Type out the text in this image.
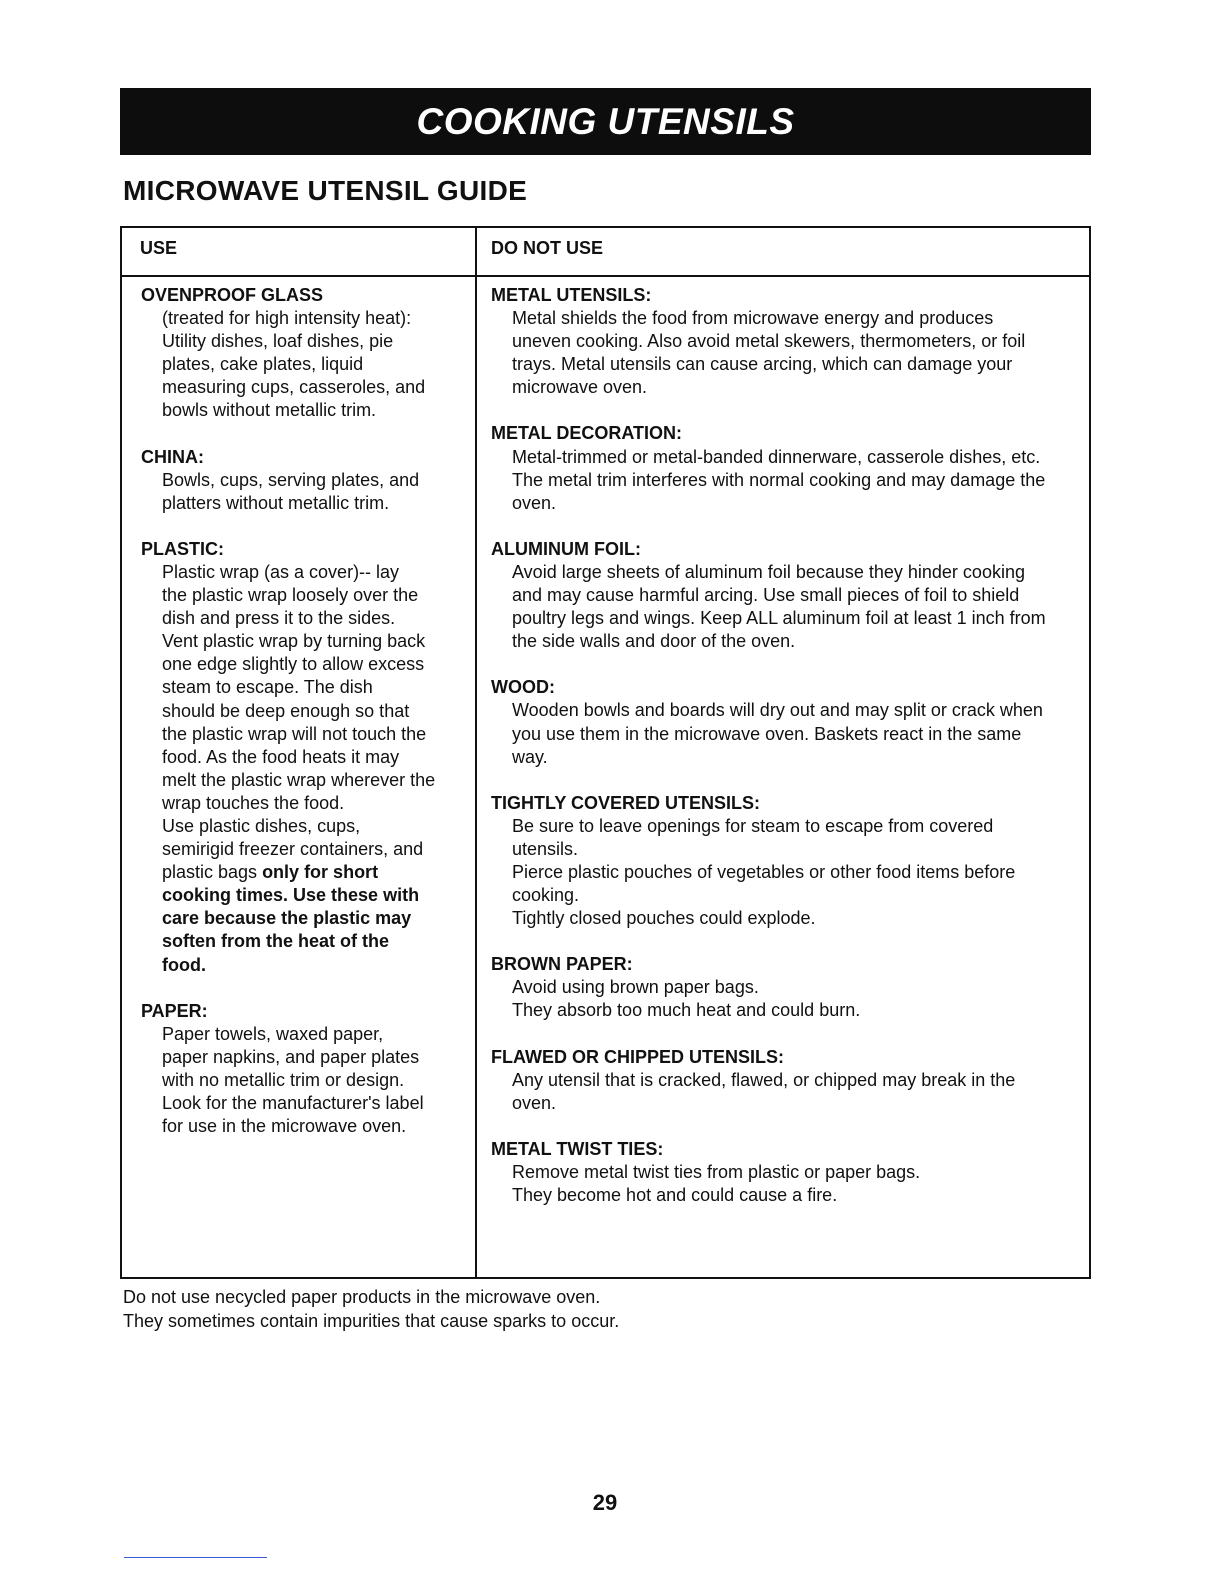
COOKING UTENSILS
MICROWAVE UTENSIL GUIDE
USE	DO NOT USE
OVENPROOF GLASS

(treated for high intensity heat):

Utility dishes, loaf dishes, pie

plates, cake plates, liquid

measuring cups, casseroles, and

bowls without metallic trim.

CHINA:

Bowls, cups, serving plates, and

platters without metallic trim.

PLASTIC:

Plastic wrap (as a cover)-- lay

the plastic wrap loosely over the

dish and press it to the sides.

Vent plastic wrap by turning back

one edge slightly to allow excess

steam to escape. The dish

should be deep enough so that

the plastic wrap will not touch the

food. As the food heats it may

melt the plastic wrap wherever the

wrap touches the food.

Use plastic dishes, cups,

semirigid freezer containers, and

plastic bags only for short

cooking times. Use these with

care because the plastic may

soften from the heat of the

food.

PAPER:

Paper towels, waxed paper,

paper napkins, and paper plates

with no metallic trim or design.

Look for the manufacturer's label

for use in the microwave oven.

METAL UTENSILS:

Metal shields the food from microwave energy and produces

uneven cooking. Also avoid metal skewers, thermometers, or foil

trays. Metal utensils can cause arcing, which can damage your

microwave oven.

METAL DECORATION:

Metal-trimmed or metal-banded dinnerware, casserole dishes, etc.

The metal trim interferes with normal cooking and may damage the

oven.

ALUMINUM FOIL:

Avoid large sheets of aluminum foil because they hinder cooking

and may cause harmful arcing. Use small pieces of foil to shield

poultry legs and wings. Keep ALL aluminum foil at least 1 inch from

the side walls and door of the oven.

WOOD:

Wooden bowls and boards will dry out and may split or crack when

you use them in the microwave oven. Baskets react in the same

way.

TIGHTLY COVERED UTENSILS:

Be sure to leave openings for steam to escape from covered

utensils.

Pierce plastic pouches of vegetables or other food items before

cooking.

Tightly closed pouches could explode.

BROWN PAPER:

Avoid using brown paper bags.

They absorb too much heat and could burn.

FLAWED OR CHIPPED UTENSILS:

Any utensil that is cracked, flawed, or chipped may break in the

oven.

METAL TWIST TIES:

Remove metal twist ties from plastic or paper bags.

They become hot and could cause a fire.

Do not use necycled paper products in the microwave oven.

They sometimes contain impurities that cause sparks to occur.

29
